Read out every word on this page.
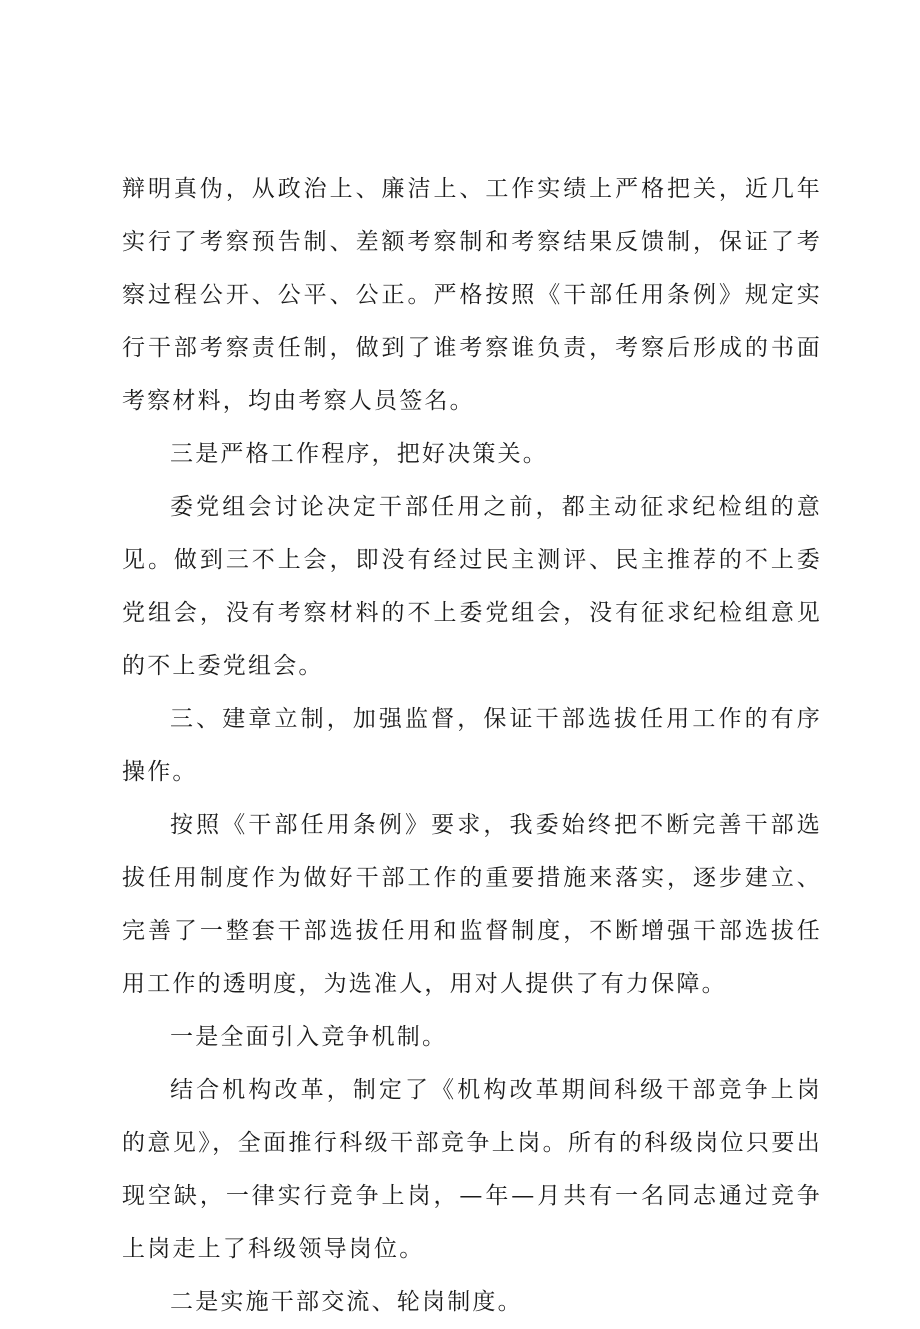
辩明真伪，从政治上、廉洁上、工作实绩上严格把关，近几年实行了考察预告制、差额考察制和考察结果反馈制，保证了考察过程公开、公平、公正。严格按照《干部任用条例》规定实行干部考察责任制，做到了谁考察谁负责，考察后形成的书面考察材料，均由考察人员签名。

三是严格工作程序，把好决策关。

委党组会讨论决定干部任用之前，都主动征求纪检组的意见。做到三不上会，即没有经过民主测评、民主推荐的不上委党组会，没有考察材料的不上委党组会，没有征求纪检组意见的不上委党组会。

三、建章立制，加强监督，保证干部选拔任用工作的有序操作。

按照《干部任用条例》要求，我委始终把不断完善干部选拔任用制度作为做好干部工作的重要措施来落实，逐步建立、完善了一整套干部选拔任用和监督制度，不断增强干部选拔任用工作的透明度，为选准人，用对人提供了有力保障。

一是全面引入竞争机制。

结合机构改革，制定了《机构改革期间科级干部竞争上岗的意见》，全面推行科级干部竞争上岗。所有的科级岗位只要出现空缺，一律实行竞争上岗，—年—月共有一名同志通过竞争上岗走上了科级领导岗位。

二是实施干部交流、轮岗制度。
